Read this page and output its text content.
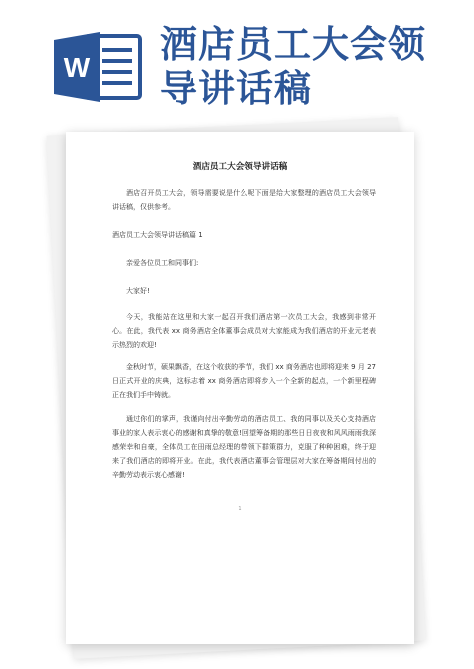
W
酒店员工大会领导讲话稿
酒店员工大会领导讲话稿

酒店召开员工大会，领导需要说是什么呢下面是给大家整理的酒店员工大会领导讲话稿，仅供参考。

酒店员工大会领导讲话稿篇 1

亲爱各位员工和同事们:

大家好!

今天，我能站在这里和大家一起召开我们酒店第一次员工大会，我感到非常开心。在此，我代表 xx 商务酒店全体董事会成员对大家能成为我们酒店的开业元老表示热烈的欢迎!

金秋时节，硕果飘香，在这个收获的季节，我们 xx 商务酒店也即将迎来 9 月 27 日正式开业的庆典，这标志着 xx 商务酒店即将步入一个全新的起点，一个新里程碑正在我们手中铸就。

通过你们的掌声，我谨向付出辛勤劳动的酒店员工、我的同事以及关心支持酒店事业的家人表示衷心的感谢和真挚的敬意!回望筹备期的那些日日夜夜和风风雨雨我深感荣幸和自豪，全体员工在田雨总经理的带领下群策群力，克服了种种困难，终于迎来了我们酒店的即将开业。在此，我代表酒店董事会管理层对大家在筹备期间付出的辛勤劳动表示衷心感谢!

1
